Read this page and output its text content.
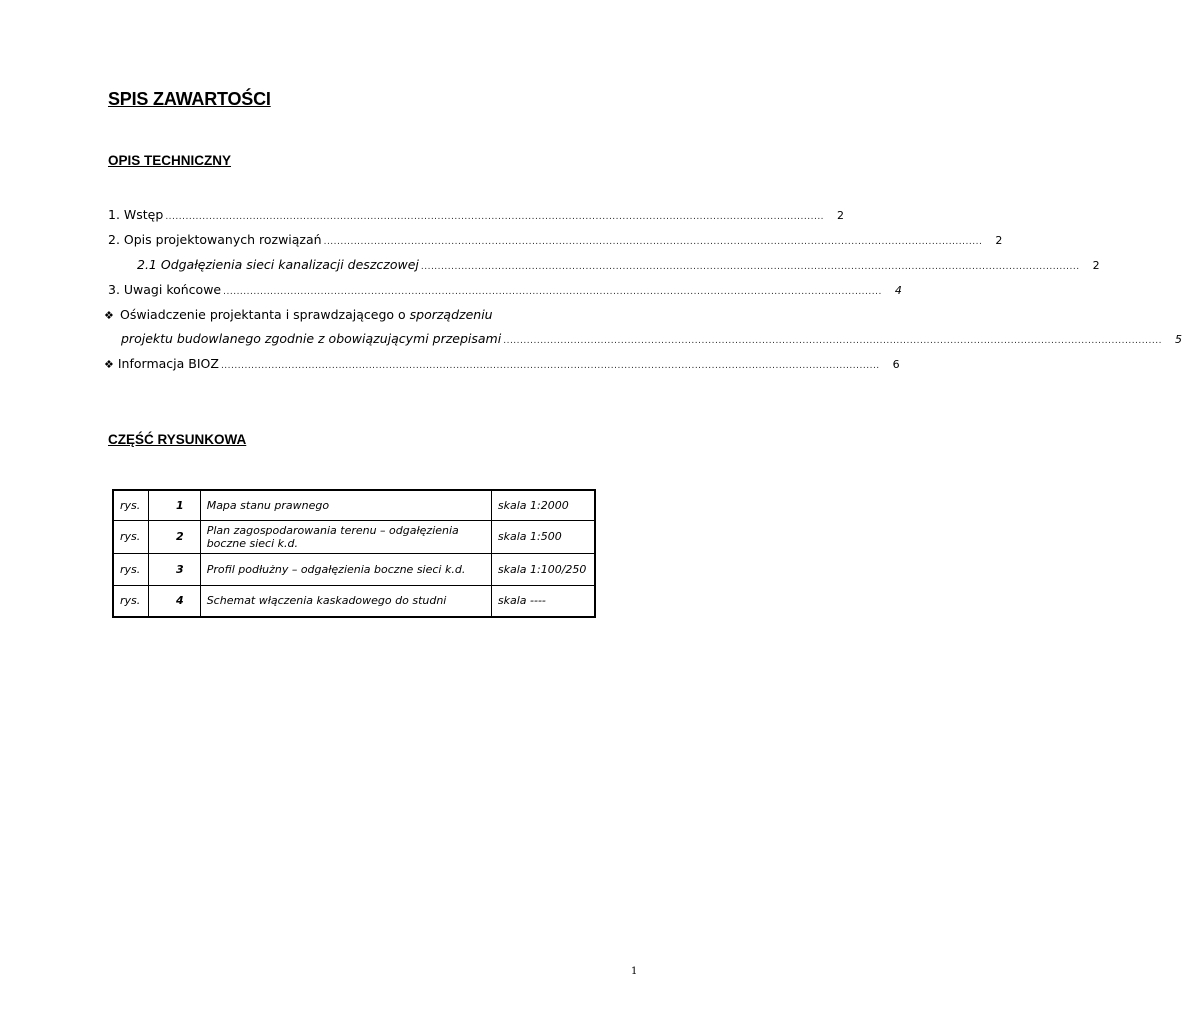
SPIS ZAWARTOŚCI
OPIS TECHNICZNY
1. Wstęp ....................................................................................................................................................................................................	2
2. Opis projektowanych rozwiązań ....................................................................................................................................................................................................	2
2.1 Odgałęzienia sieci kanalizacji deszczowej ....................................................................................................................................................................................................	2
3. Uwagi końcowe ....................................................................................................................................................................................................	4
❖ Oświadczenie projektanta i sprawdzającego o sporządzeniu
projektu budowlanego zgodnie z obowiązującymi przepisami ....................................................................................................................................................................................................	5
❖ Informacja BIOZ ....................................................................................................................................................................................................	6
CZĘŚĆ RYSUNKOWA
rys.	1	Mapa stanu prawnego	skala 1:2000
rys.	2	Plan zagospodarowania terenu – odgałęzienia boczne sieci k.d.	skala 1:500
rys.	3	Profil podłużny – odgałęzienia boczne sieci k.d.	skala 1:100/250
rys.	4	Schemat włączenia kaskadowego do studni	skala ----
1
